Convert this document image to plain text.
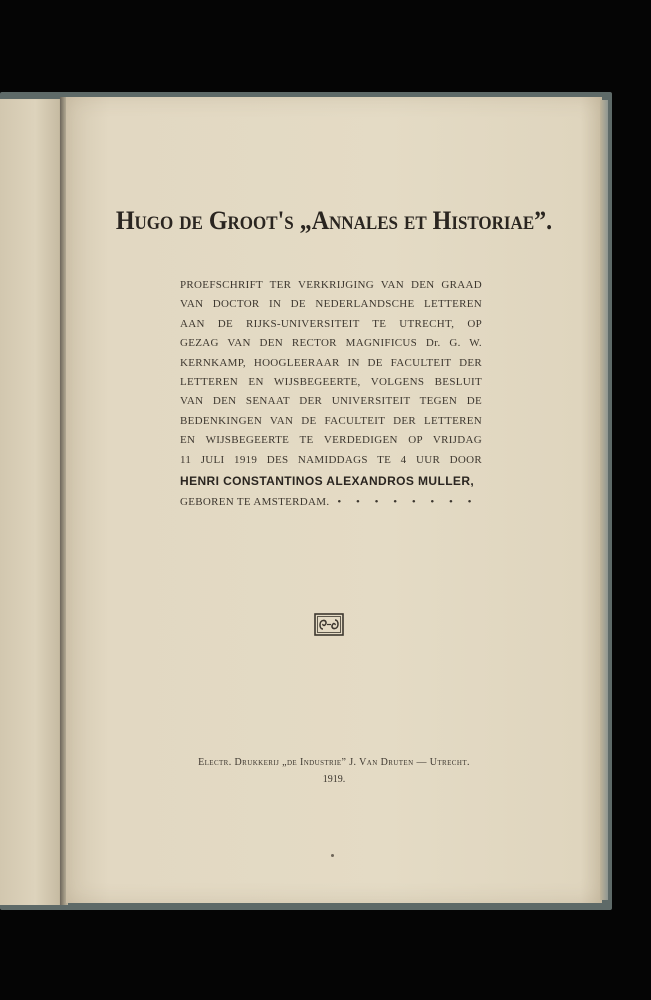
Hugo de Groot's „Annales et Historiae”.
PROEFSCHRIFT TER VERKRIJGING VAN DEN GRAAD
VAN DOCTOR IN DE NEDERLANDSCHE LETTEREN
AAN DE RIJKS-UNIVERSITEIT TE UTRECHT, OP
GEZAG VAN DEN RECTOR MAGNIFICUS Dr. G. W.
KERNKAMP, HOOGLEERAAR IN DE FACULTEIT DER
LETTEREN EN WIJSBEGEERTE, VOLGENS BESLUIT
VAN DEN SENAAT DER UNIVERSITEIT TEGEN DE
BEDENKINGEN VAN DE FACULTEIT DER LETTEREN
EN WIJSBEGEERTE TE VERDEDIGEN OP VRIJDAG
11 JULI 1919 DES NAMIDDAGS TE 4 UUR DOOR
HENRI CONSTANTINOS ALEXANDROS MULLER,
GEBOREN TE AMSTERDAM. • • • • • • • •
Electr. Drukkerij „de Industrie” J. Van Druten — Utrecht.
1919.
